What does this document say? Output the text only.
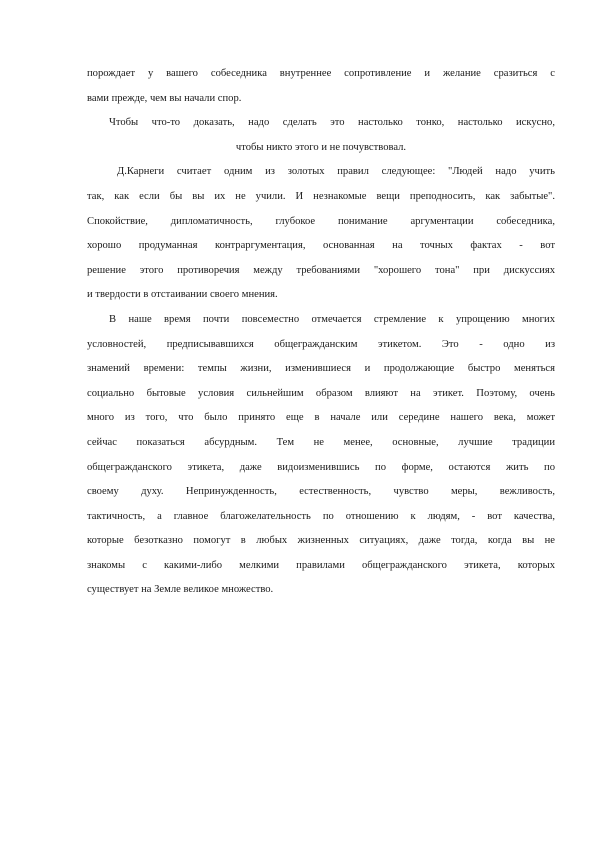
порождает у вашего собеседника внутреннее сопротивление и желание сразиться с
вами прежде, чем вы начали спор.

Чтобы что-то доказать, надо сделать это настолько тонко, настолько искусно,
чтобы никто этого и не почувствовал.

Д.Карнеги считает одним из золотых правил следующее: "Людей надо учить
так, как если бы вы их не учили. И незнакомые вещи преподносить, как забытые".
Спокойствие, дипломатичность, глубокое понимание аргументации собеседника,
хорошо продуманная контраргументация, основанная на точных фактах - вот
решение этого противоречия между требованиями "хорошего тона" при дискуссиях
и твердости в отстаивании своего мнения.

В наше время почти повсеместно отмечается стремление к упрощению многих
условностей, предписывавшихся общегражданским этикетом. Это - одно из
знамений времени: темпы жизни, изменившиеся и продолжающие быстро меняться
социально бытовые условия сильнейшим образом влияют на этикет. Поэтому, очень
много из того, что было принято еще в начале или середине нашего века, может
сейчас показаться абсурдным. Тем не менее, основные, лучшие традиции
общегражданского этикета, даже видоизменившись по форме, остаются жить по
своему духу. Непринужденность, естественность, чувство меры, вежливость,
тактичность, а главное благожелательность по отношению к людям, - вот качества,
которые безотказно помогут в любых жизненных ситуациях, даже тогда, когда вы не
знакомы с какими-либо мелкими правилами общегражданского этикета, которых
существует на Земле великое множество.
